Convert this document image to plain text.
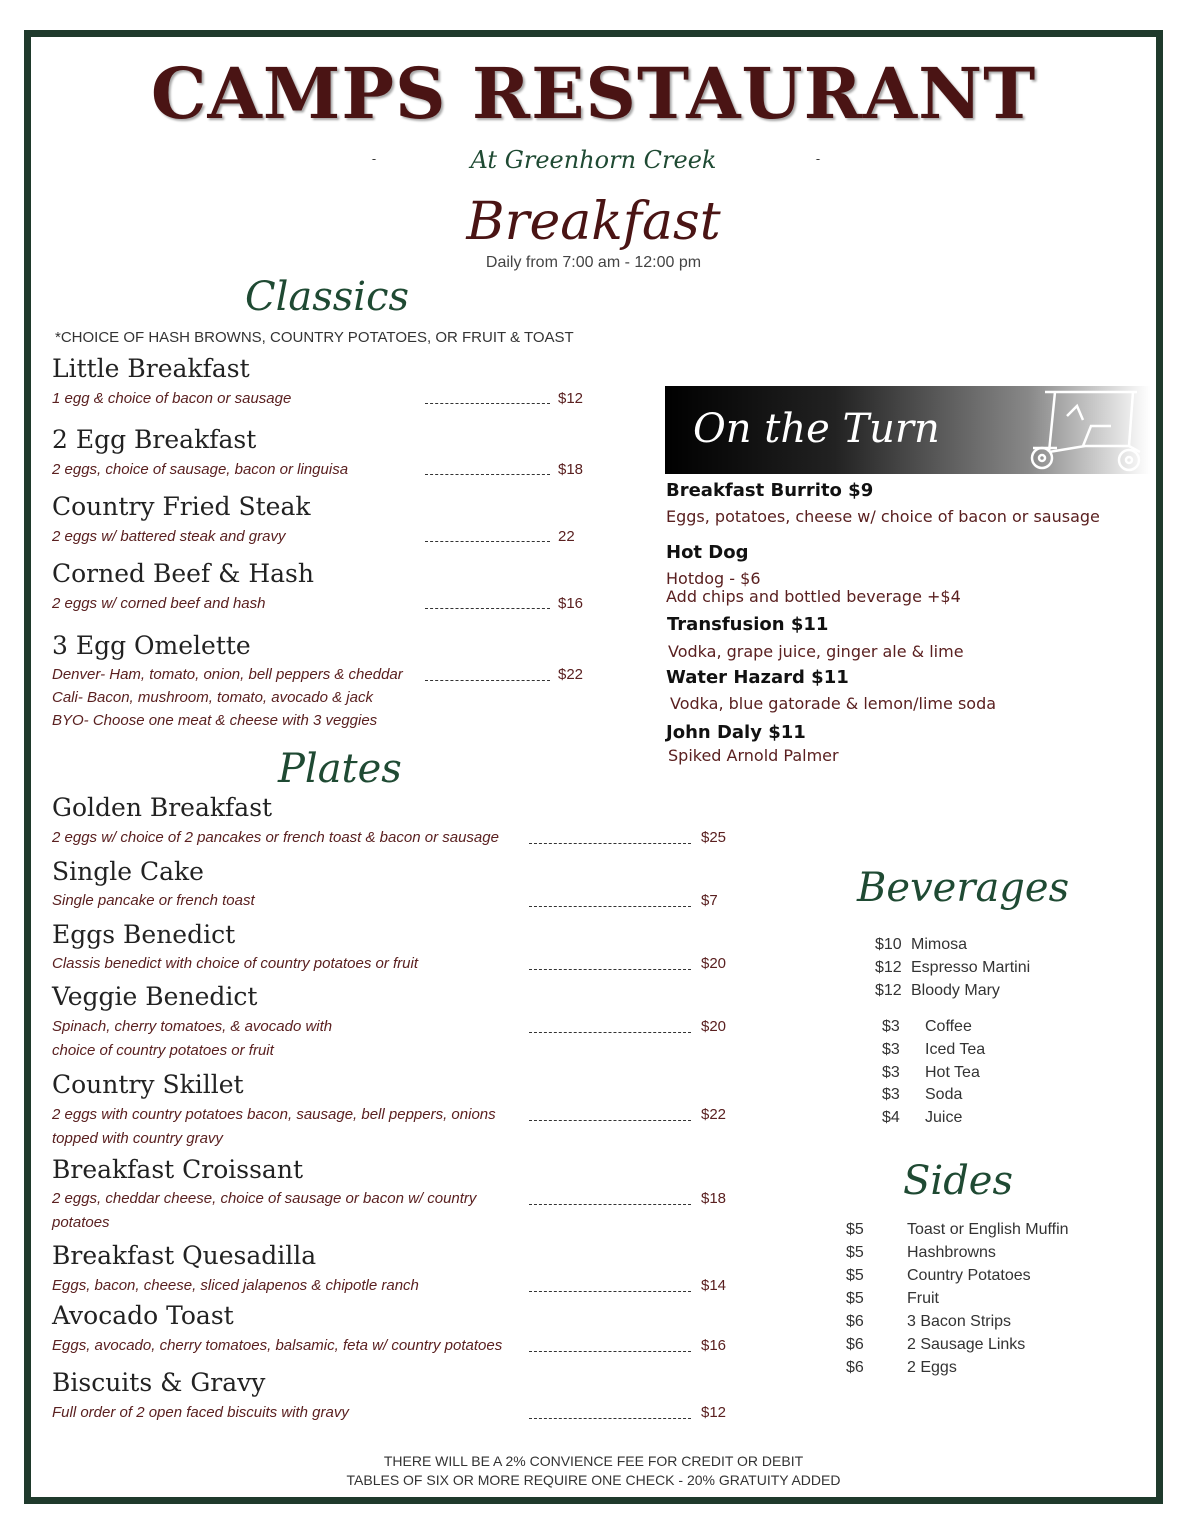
CAMPS RESTAURANT
At Greenhorn Creek
Breakfast
Daily from 7:00 am - 12:00 pm
Classics
*CHOICE OF HASH BROWNS, COUNTRY POTATOES, OR FRUIT & TOAST
Little Breakfast
1 egg & choice of bacon or sausage	$12
2 Egg Breakfast
2 eggs, choice of sausage, bacon or linguisa	$18
Country Fried Steak
2 eggs w/ battered steak and gravy	22
Corned Beef & Hash
2 eggs w/ corned beef and hash	$16
3 Egg Omelette
Denver- Ham, tomato, onion, bell peppers & cheddar
Cali- Bacon, mushroom, tomato, avocado & jack
BYO- Choose one meat & cheese with 3 veggies
$22
Plates
Golden Breakfast
2 eggs w/ choice of 2 pancakes or french toast & bacon or sausage	$25
Single Cake
Single pancake or french toast	$7
Eggs Benedict
Classis benedict with choice of country potatoes or fruit	$20
Veggie Benedict
Spinach, cherry tomatoes, & avocado with
choice of country potatoes or fruit
$20
Country Skillet
2 eggs with country potatoes bacon, sausage, bell peppers, onions
topped with country gravy
$22
Breakfast Croissant
2 eggs, cheddar cheese, choice of sausage or bacon w/ country
potatoes
$18
Breakfast Quesadilla
Eggs, bacon, cheese, sliced jalapenos & chipotle ranch	$14
Avocado Toast
Eggs, avocado, cherry tomatoes, balsamic, feta w/ country potatoes	$16
Biscuits & Gravy
Full order of 2 open faced biscuits with gravy	$12
On the Turn
Breakfast Burrito $9
Eggs, potatoes, cheese w/ choice of bacon or sausage
Hot Dog
Hotdog - $6
Add chips and bottled beverage +$4
Transfusion $11
Vodka, grape juice, ginger ale & lime
Water Hazard $11
Vodka, blue gatorade & lemon/lime soda
John Daly $11
Spiked Arnold Palmer
Beverages
$10 Mimosa
$12 Espresso Martini
$12 Bloody Mary
$3 Coffee
$3 Iced Tea
$3 Hot Tea
$3 Soda
$4 Juice
Sides
$5	Toast or English Muffin
$5	Hashbrowns
$5	Country Potatoes
$5	Fruit
$6	3 Bacon Strips
$6	2 Sausage Links
$6	2 Eggs
THERE WILL BE A 2% CONVIENCE FEE FOR CREDIT OR DEBIT
TABLES OF SIX OR MORE REQUIRE ONE CHECK - 20% GRATUITY ADDED
